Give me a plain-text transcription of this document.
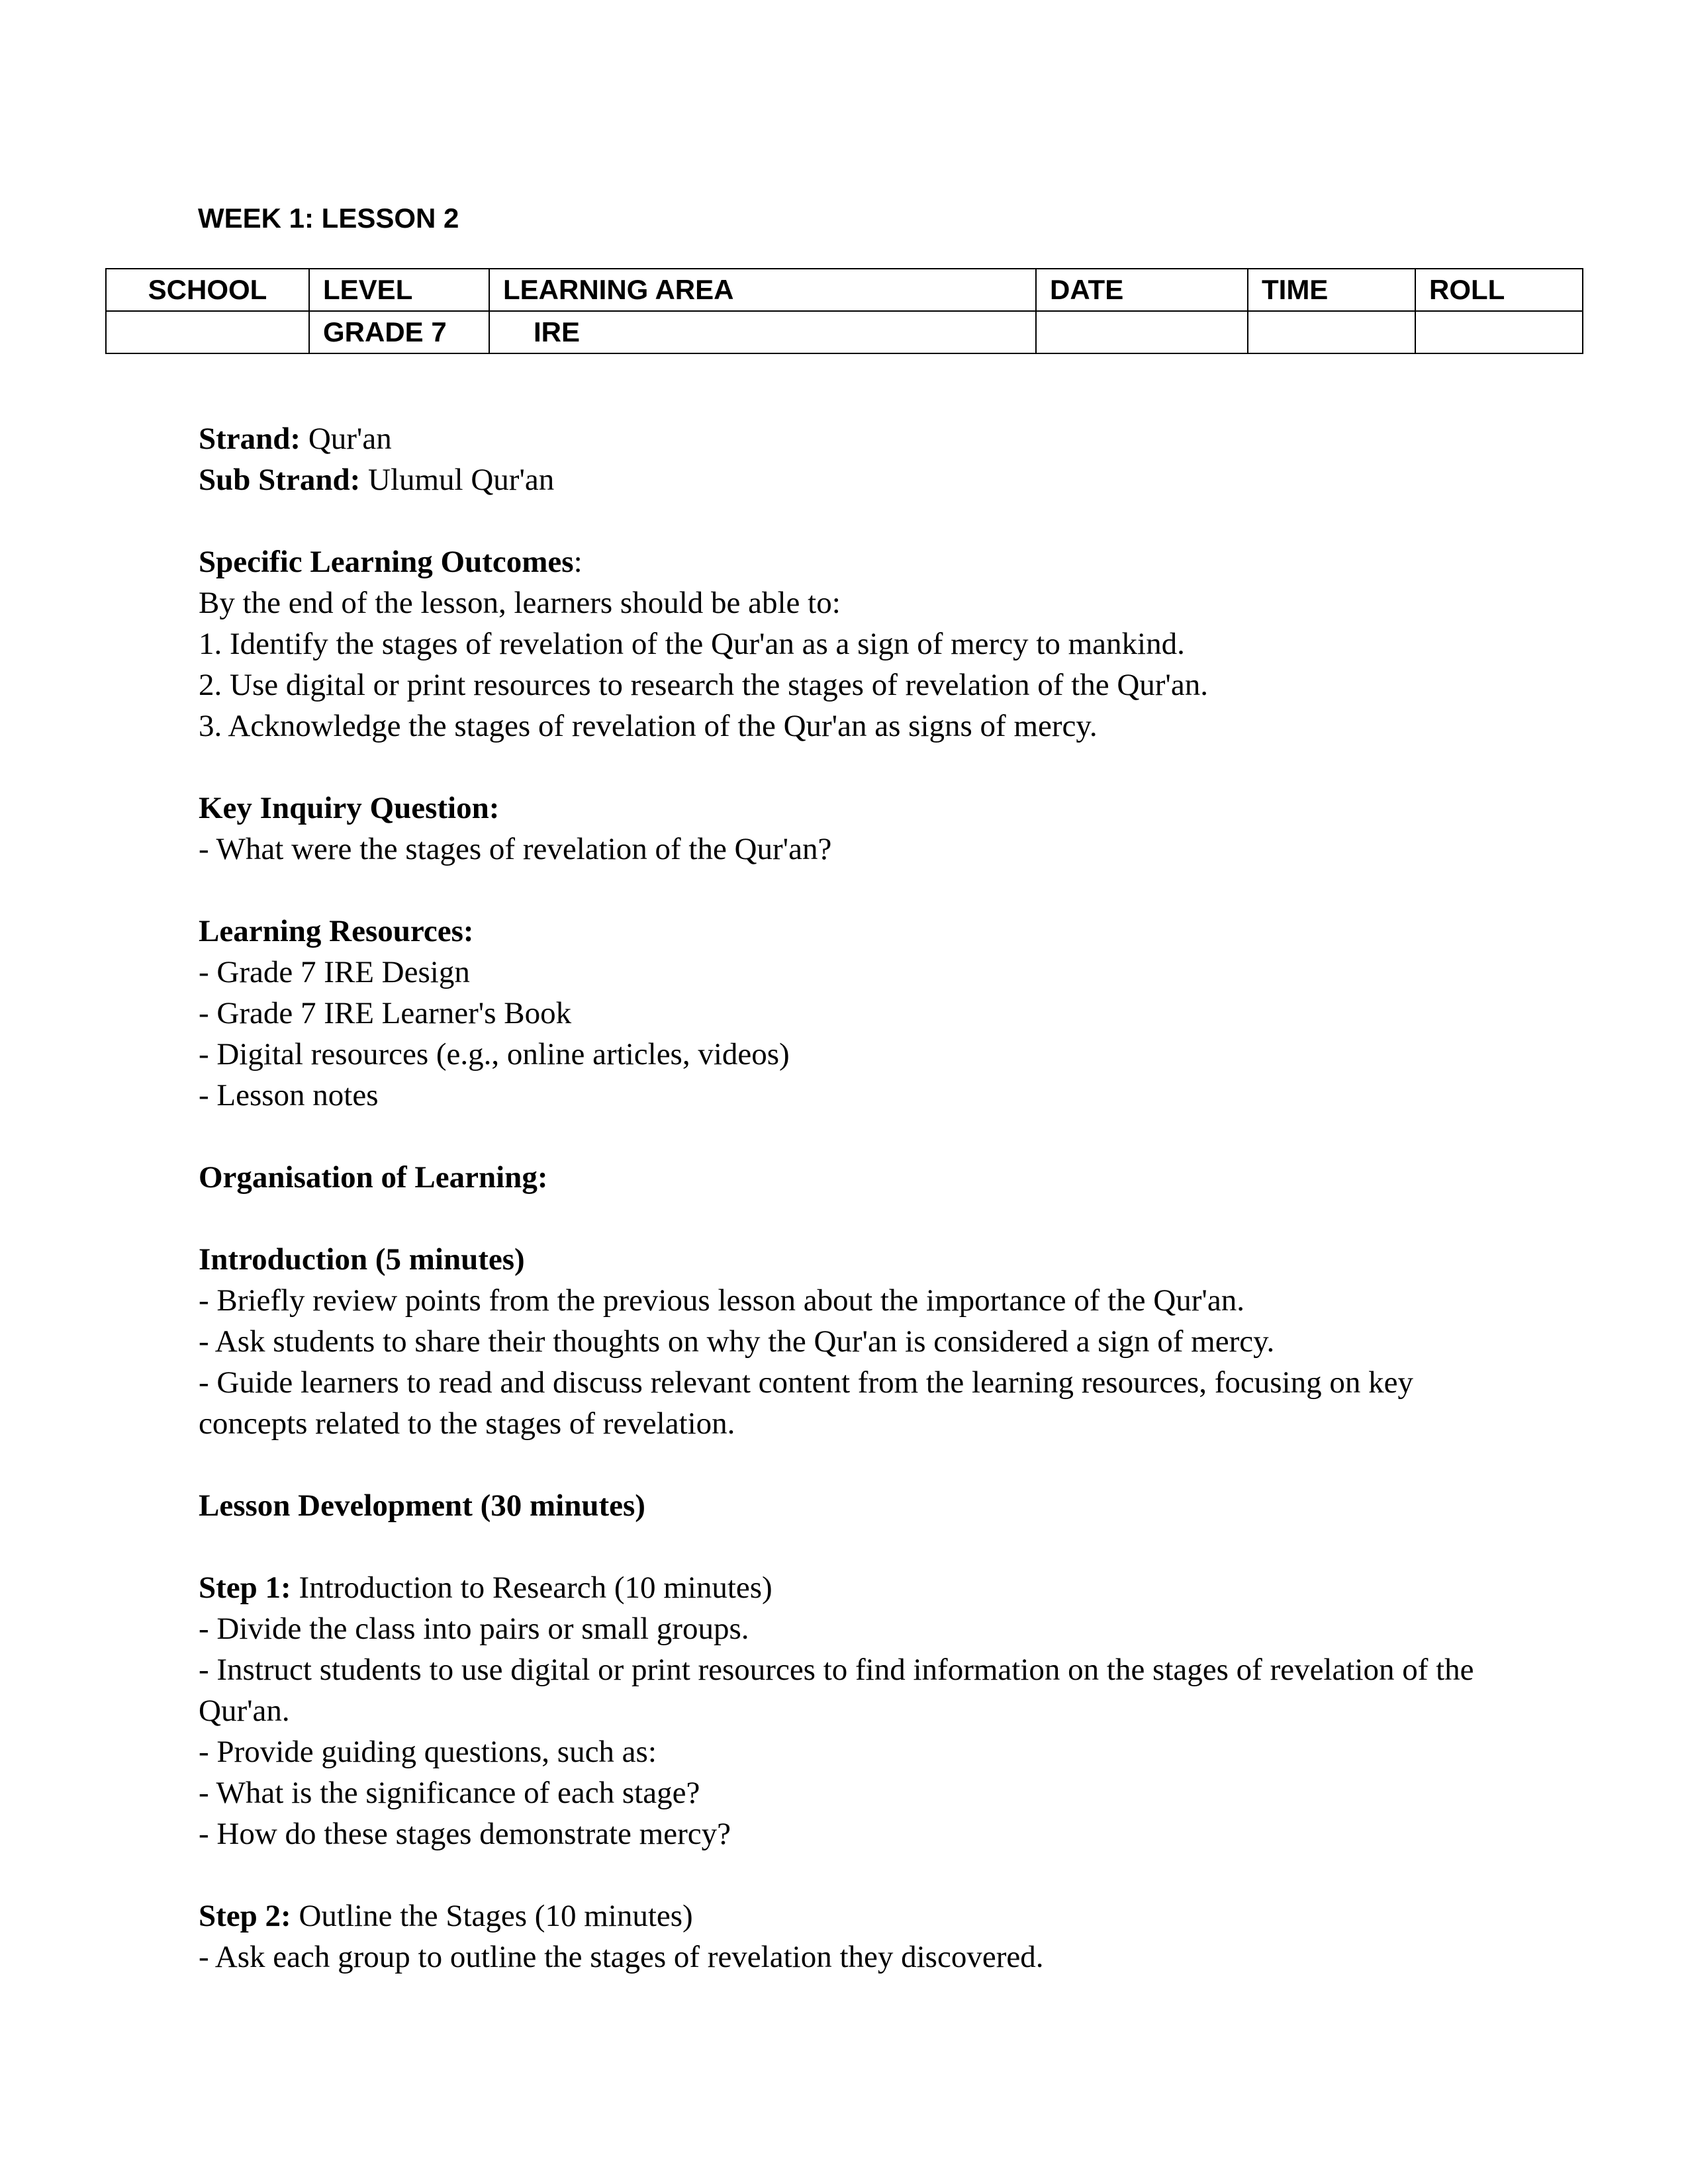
WEEK 1: LESSON 2
SCHOOL	LEVEL	LEARNING AREA	DATE	TIME	ROLL
	GRADE 7	IRE			

Strand: Qur'an

Sub Strand: Ulumul Qur'an

Specific Learning Outcomes:

By the end of the lesson, learners should be able to:

1. Identify the stages of revelation of the Qur'an as a sign of mercy to mankind.

2. Use digital or print resources to research the stages of revelation of the Qur'an.

3. Acknowledge the stages of revelation of the Qur'an as signs of mercy.

Key Inquiry Question:

- What were the stages of revelation of the Qur'an?

Learning Resources:

- Grade 7 IRE Design

- Grade 7 IRE Learner's Book

- Digital resources (e.g., online articles, videos)

- Lesson notes

Organisation of Learning:

Introduction (5 minutes)

- Briefly review points from the previous lesson about the importance of the Qur'an.

- Ask students to share their thoughts on why the Qur'an is considered a sign of mercy.

- Guide learners to read and discuss relevant content from the learning resources, focusing on key concepts related to the stages of revelation.

Lesson Development (30 minutes)

Step 1: Introduction to Research (10 minutes)

- Divide the class into pairs or small groups.

- Instruct students to use digital or print resources to find information on the stages of revelation of the Qur'an.

- Provide guiding questions, such as:

- What is the significance of each stage?

- How do these stages demonstrate mercy?

Step 2: Outline the Stages (10 minutes)

- Ask each group to outline the stages of revelation they discovered.
